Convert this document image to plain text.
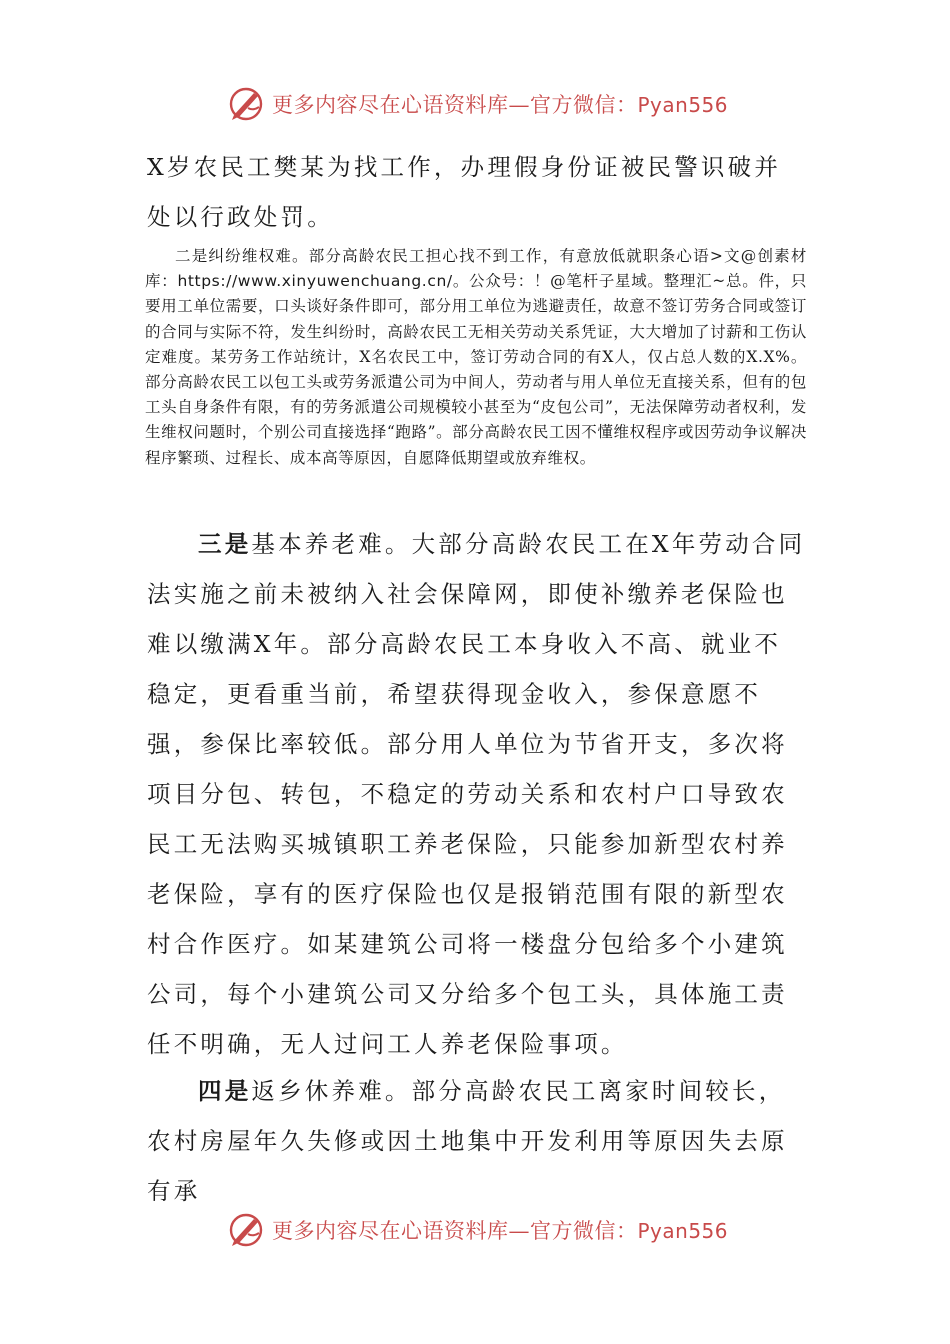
更多内容尽在心语资料库—官方微信：Pyan556

X岁农民工樊某为找工作，办理假身份证被民警识破并处以行政处罚。

二是纠纷维权难。部分高龄农民工担心找不到工作，有意放低就职条心语>文@创素材库：https://www.xinyuwenchuang.cn/。公众号：！@笔杆子星域。整理汇~总。件，只要用工单位需要，口头谈好条件即可，部分用工单位为逃避责任，故意不签订劳务合同或签订的合同与实际不符，发生纠纷时，高龄农民工无相关劳动关系凭证，大大增加了讨薪和工伤认定难度。某劳务工作站统计，X名农民工中，签订劳动合同的有X人，仅占总人数的X.X%。部分高龄农民工以包工头或劳务派遣公司为中间人，劳动者与用人单位无直接关系，但有的包工头自身条件有限，有的劳务派遣公司规模较小甚至为“皮包公司”，无法保障劳动者权利，发生维权问题时，个别公司直接选择“跑路”。部分高龄农民工因不懂维权程序或因劳动争议解决程序繁琐、过程长、成本高等原因，自愿降低期望或放弃维权。

三是基本养老难。大部分高龄农民工在X年劳动合同法实施之前未被纳入社会保障网，即使补缴养老保险也难以缴满X年。部分高龄农民工本身收入不高、就业不稳定，更看重当前，希望获得现金收入，参保意愿不强，参保比率较低。部分用人单位为节省开支，多次将项目分包、转包，不稳定的劳动关系和农村户口导致农民工无法购买城镇职工养老保险，只能参加新型农村养老保险，享有的医疗保险也仅是报销范围有限的新型农村合作医疗。如某建筑公司将一楼盘分包给多个小建筑公司，每个小建筑公司又分给多个包工头，具体施工责任不明确，无人过问工人养老保险事项。

四是返乡休养难。部分高龄农民工离家时间较长，农村房屋年久失修或因土地集中开发利用等原因失去原有承

更多内容尽在心语资料库—官方微信：Pyan556
